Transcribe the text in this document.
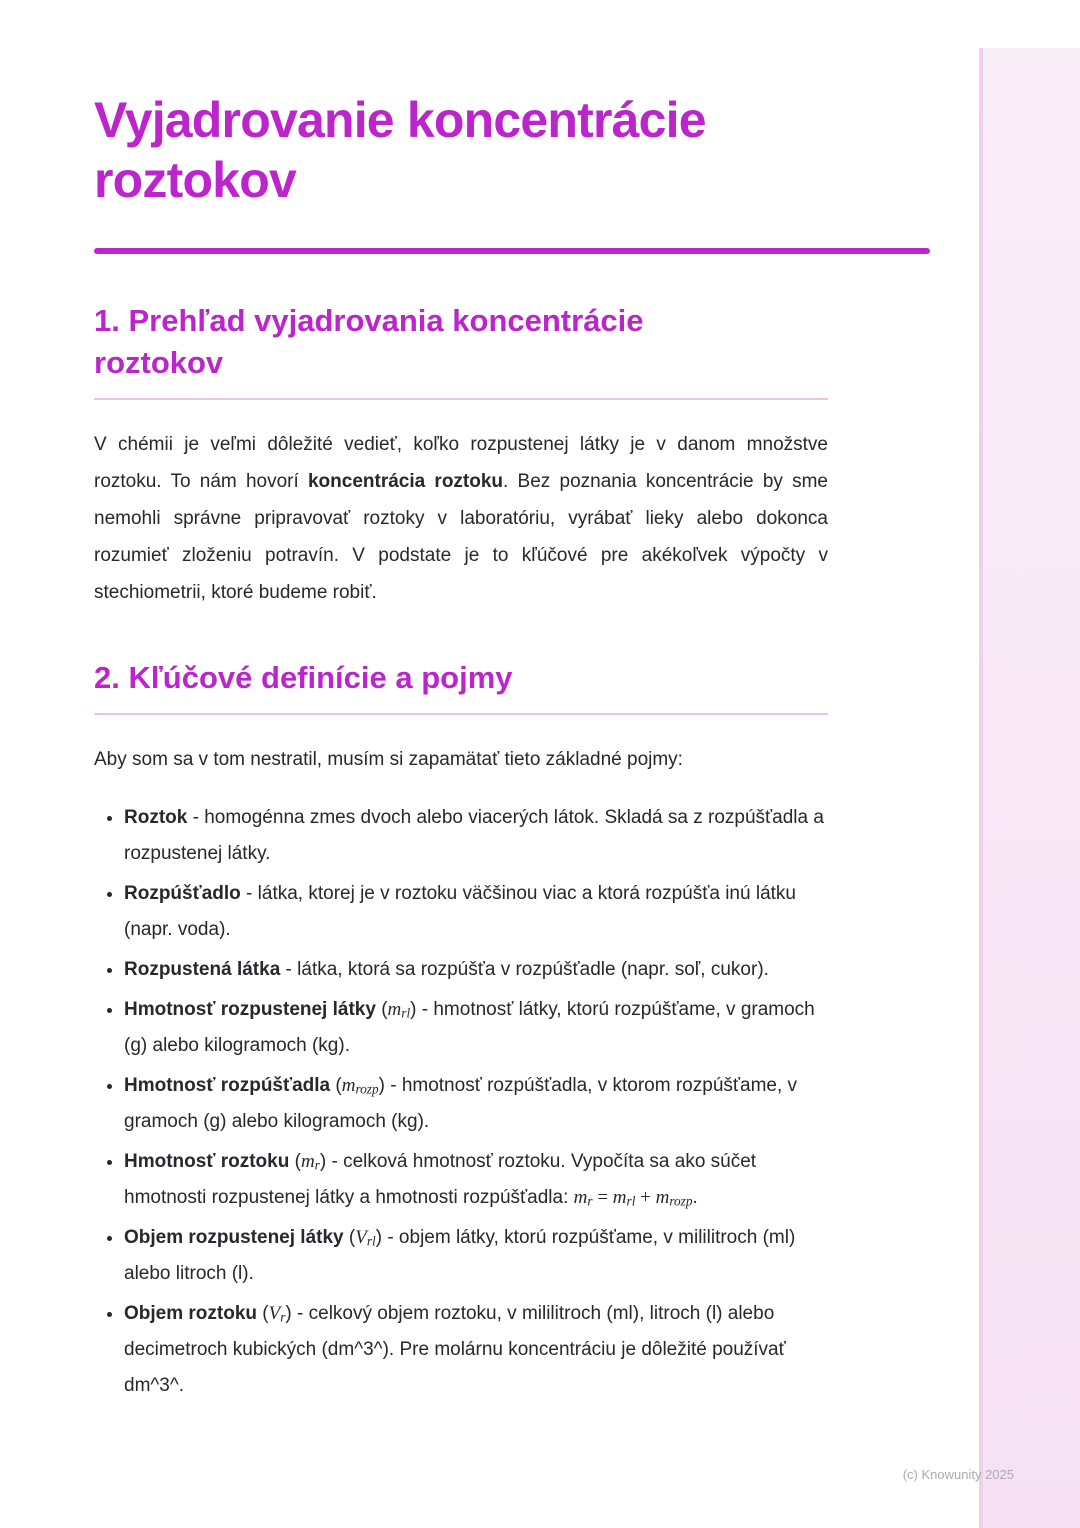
Vyjadrovanie koncentrácie roztokov
1. Prehľad vyjadrovania koncentrácie roztokov

V chémii je veľmi dôležité vedieť, koľko rozpustenej látky je v danom množstve roztoku. To nám hovorí koncentrácia roztoku. Bez poznania koncentrácie by sme nemohli správne pripravovať roztoky v laboratóriu, vyrábať lieky alebo dokonca rozumieť zloženiu potravín. V podstate je to kľúčové pre akékoľvek výpočty v stechiometrii, ktoré budeme robiť.

2. Kľúčové definície a pojmy

Aby som sa v tom nestratil, musím si zapamätať tieto základné pojmy:

• Roztok - homogénna zmes dvoch alebo viacerých látok. Skladá sa z rozpúšťadla a rozpustenej látky.
• Rozpúšťadlo - látka, ktorej je v roztoku väčšinou viac a ktorá rozpúšťa inú látku (napr. voda).
• Rozpustená látka - látka, ktorá sa rozpúšťa v rozpúšťadle (napr. soľ, cukor).
• Hmotnosť rozpustenej látky $(m_{rl})$ - hmotnosť látky, ktorú rozpúšťame, v gramoch (g) alebo kilogramoch (kg).
• Hmotnosť rozpúšťadla $(m_{rozp})$ - hmotnosť rozpúšťadla, v ktorom rozpúšťame, v gramoch (g) alebo kilogramoch (kg).
• Hmotnosť roztoku $(m_r)$ - celková hmotnosť roztoku. Vypočíta sa ako súčet hmotnosti rozpustenej látky a hmotnosti rozpúšťadla: $m_r = m_{rl} + m_{rozp}$.
• Objem rozpustenej látky $(V_{rl})$ - objem látky, ktorú rozpúšťame, v mililitroch (ml) alebo litroch (l).
• Objem roztoku $(V_r)$ - celkový objem roztoku, v mililitroch (ml), litroch (l) alebo decimetroch kubických (dm^3^). Pre molárnu koncentráciu je dôležité používať dm^3^.
(c) Knowunity 2025
